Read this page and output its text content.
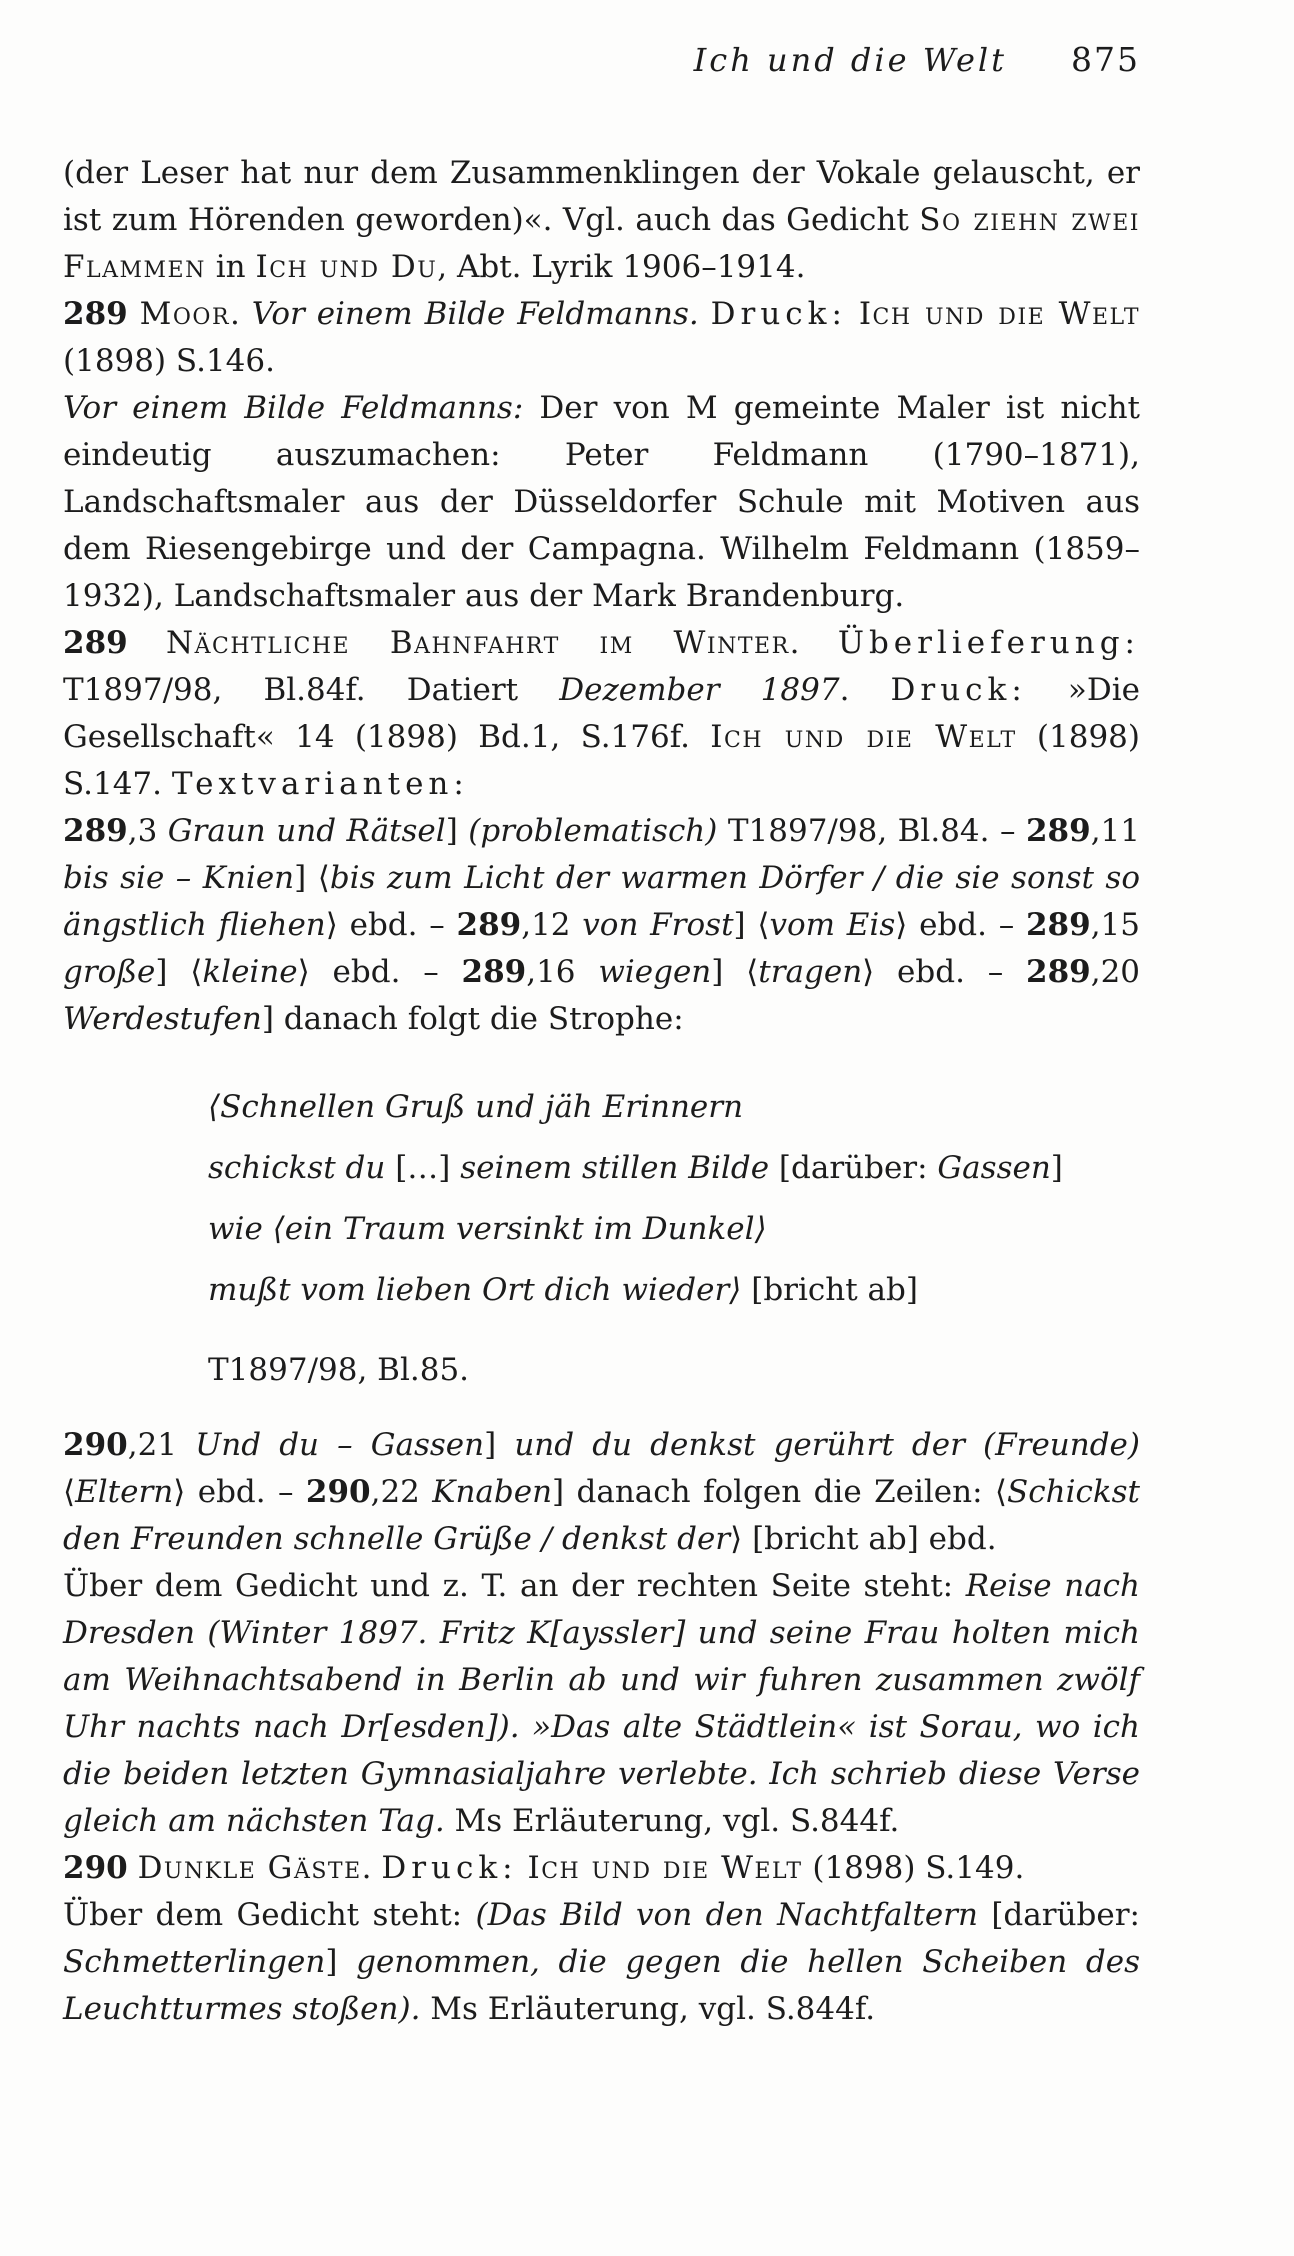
Ich und die Welt 875

(der Leser hat nur dem Zusammenklingen der Vokale gelauscht, er ist zum Hörenden geworden)«. Vgl. auch das Gedicht So ziehn zwei Flammen in Ich und Du, Abt. Lyrik 1906–1914.

289 Moor. Vor einem Bilde Feldmanns. Druck: Ich und die Welt (1898) S.146.

Vor einem Bilde Feldmanns: Der von M gemeinte Maler ist nicht eindeutig auszumachen: Peter Feldmann (1790–1871), Landschaftsmaler aus der Düsseldorfer Schule mit Motiven aus dem Riesengebirge und der Campagna. Wilhelm Feldmann (1859–1932), Landschaftsmaler aus der Mark Brandenburg.

289 Nächtliche Bahnfahrt im Winter. Überlieferung: T1897/98, Bl.84f. Datiert Dezember 1897. Druck: »Die Gesellschaft« 14 (1898) Bd.1, S.176f. Ich und die Welt (1898) S.147. Textvarianten:

289,3 Graun und Rätsel] (problematisch) T1897/98, Bl.84. – 289,11 bis sie – Knien] ⟨bis zum Licht der warmen Dörfer / die sie sonst so ängstlich fliehen⟩ ebd. – 289,12 von Frost] ⟨vom Eis⟩ ebd. – 289,15 große] ⟨kleine⟩ ebd. – 289,16 wiegen] ⟨tragen⟩ ebd. – 289,20 Werdestufen] danach folgt die Strophe:

⟨Schnellen Gruß und jäh Erinnern
schickst du […] seinem stillen Bilde [darüber: Gassen]
wie ⟨ein Traum versinkt im Dunkel⟩
mußt vom lieben Ort dich wieder⟩ [bricht ab]

T1897/98, Bl.85.

290,21 Und du – Gassen] und du denkst gerührt der (Freunde) ⟨Eltern⟩ ebd. – 290,22 Knaben] danach folgen die Zeilen: ⟨Schickst den Freunden schnelle Grüße / denkst der⟩ [bricht ab] ebd.

Über dem Gedicht und z. T. an der rechten Seite steht: Reise nach Dresden (Winter 1897. Fritz K[ayssler] und seine Frau holten mich am Weihnachtsabend in Berlin ab und wir fuhren zusammen zwölf Uhr nachts nach Dr[esden]). »Das alte Städtlein« ist Sorau, wo ich die beiden letzten Gymnasialjahre verlebte. Ich schrieb diese Verse gleich am nächsten Tag. Ms Erläuterung, vgl. S.844f.

290 Dunkle Gäste. Druck: Ich und die Welt (1898) S.149.

Über dem Gedicht steht: (Das Bild von den Nachtfaltern [darüber: Schmetterlingen] genommen, die gegen die hellen Scheiben des Leuchtturmes stoßen). Ms Erläuterung, vgl. S.844f.
